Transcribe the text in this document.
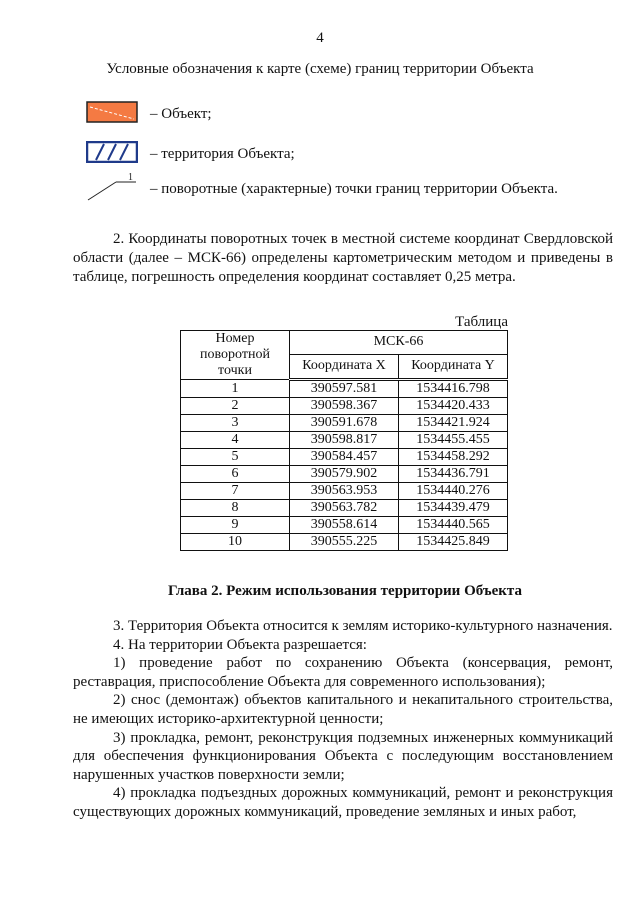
4
Условные обозначения к карте (схеме) границ территории Объекта
– Объект;
– территория Объекта;
1
– поворотные (характерные) точки границ территории Объекта.
2. Координаты поворотных точек в местной системе координат Свердловской области (далее – МСК-66) определены картометрическим методом и приведены в таблице, погрешность определения координат составляет 0,25 метра.
Таблица
Номер поворотной точки	МСК-66	
	Координата X	Координата Y
1	390597.581	1534416.798
2	390598.367	1534420.433
3	390591.678	1534421.924
4	390598.817	1534455.455
5	390584.457	1534458.292
6	390579.902	1534436.791
7	390563.953	1534440.276
8	390563.782	1534439.479
9	390558.614	1534440.565
10	390555.225	1534425.849
Глава 2. Режим использования территории Объекта

3. Территория Объекта относится к землям историко-культурного назначения.

4. На территории Объекта разрешается:

1) проведение работ по сохранению Объекта (консервация, ремонт, реставрация, приспособление Объекта для современного использования);

2) снос (демонтаж) объектов капитального и некапитального строительства, не имеющих историко-архитектурной ценности;

3) прокладка, ремонт, реконструкция подземных инженерных коммуникаций для обеспечения функционирования Объекта с последующим восстановлением нарушенных участков поверхности земли;

4) прокладка подъездных дорожных коммуникаций, ремонт и реконструкция существующих дорожных коммуникаций, проведение земляных и иных работ,
